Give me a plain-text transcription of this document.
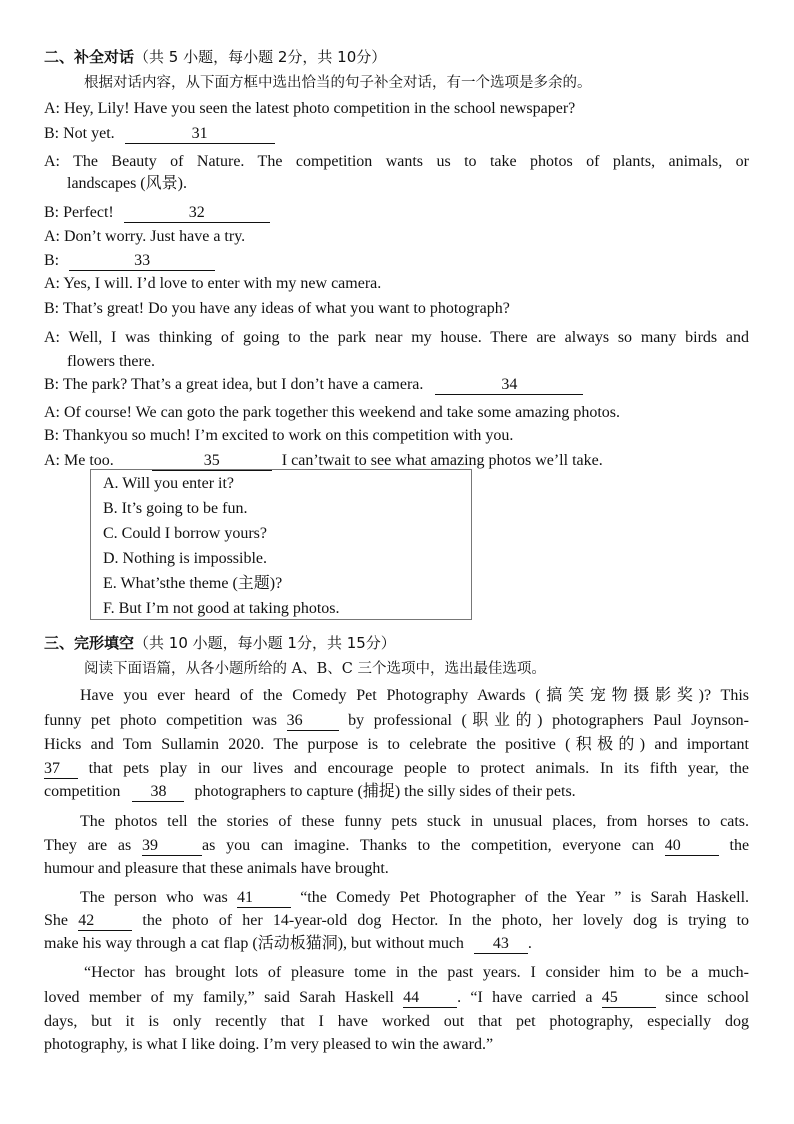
二、补全对话（共 5 小题，每小题 2分，共 10分）
根据对话内容，从下面方框中选出恰当的句子补全对话，有一个选项是多余的。
A: Hey, Lily! Have you seen the latest photo competition in the school newspaper?
B: Not yet.	31
A: The Beauty of Nature. The competition wants us to take photos of plants, animals, or
landscapes (风景).
B: Perfect!	32
A: Don’t worry. Just have a try.
B:	33
A: Yes, I will. I’d love to enter with my new camera.
B: That’s great! Do you have any ideas of what you want to photograph?
A: Well, I was thinking of going to the park near my house. There are always so many birds and
flowers there.
B: The park? That’s a great idea, but I don’t have a camera.	34
A: Of course! We can goto the park together this weekend and take some amazing photos.
B: Thankyou so much! I’m excited to work on this competition with you.
A: Me too.	35	I can’twait to see what amazing photos we’ll take.
A. Will you enter it?
B. It’s going to be fun.
C. Could I borrow yours?
D. Nothing is impossible.
E. What’sthe theme (主题)?
F. But I’m not good at taking photos.
三、完形填空（共 10 小题，每小题 1分，共 15分）
阅读下面语篇，从各小题所给的 A、B、C 三个选项中，选出最佳选项。
Have you ever heard of the Comedy Pet Photography Awards (搞笑宠物摄影奖)? This
funny pet photo competition was 36	by professional (职业的) photographers Paul Joynson-
Hicks and Tom Sullamin 2020. The purpose is to celebrate the positive (积极的) and important
37 that pets play in our lives and encourage people to protect animals. In its fifth year, the
competition 38 photographers to capture (捕捉) the silly sides of their pets.
The photos tell the stories of these funny pets stuck in unusual places, from horses to cats.
They are as 39	as you can imagine. Thanks to the competition, everyone can 40	the
humour and pleasure that these animals have brought.
The person who was 41	“the Comedy Pet Photographer of the Year ” is Sarah Haskell.
She 42	the photo of her 14-year-old dog Hector. In the photo, her lovely dog is trying to
make his way through a cat flap (活动板猫洞), but without much 43 .
“Hector has brought lots of pleasure tome in the past years. I consider him to be a much-
loved member of my family,” said Sarah Haskell 44 . “I have carried a 45	since school
days, but it is only recently that I have worked out that pet photography, especially dog
photography, is what I like doing. I’m very pleased to win the award.”
